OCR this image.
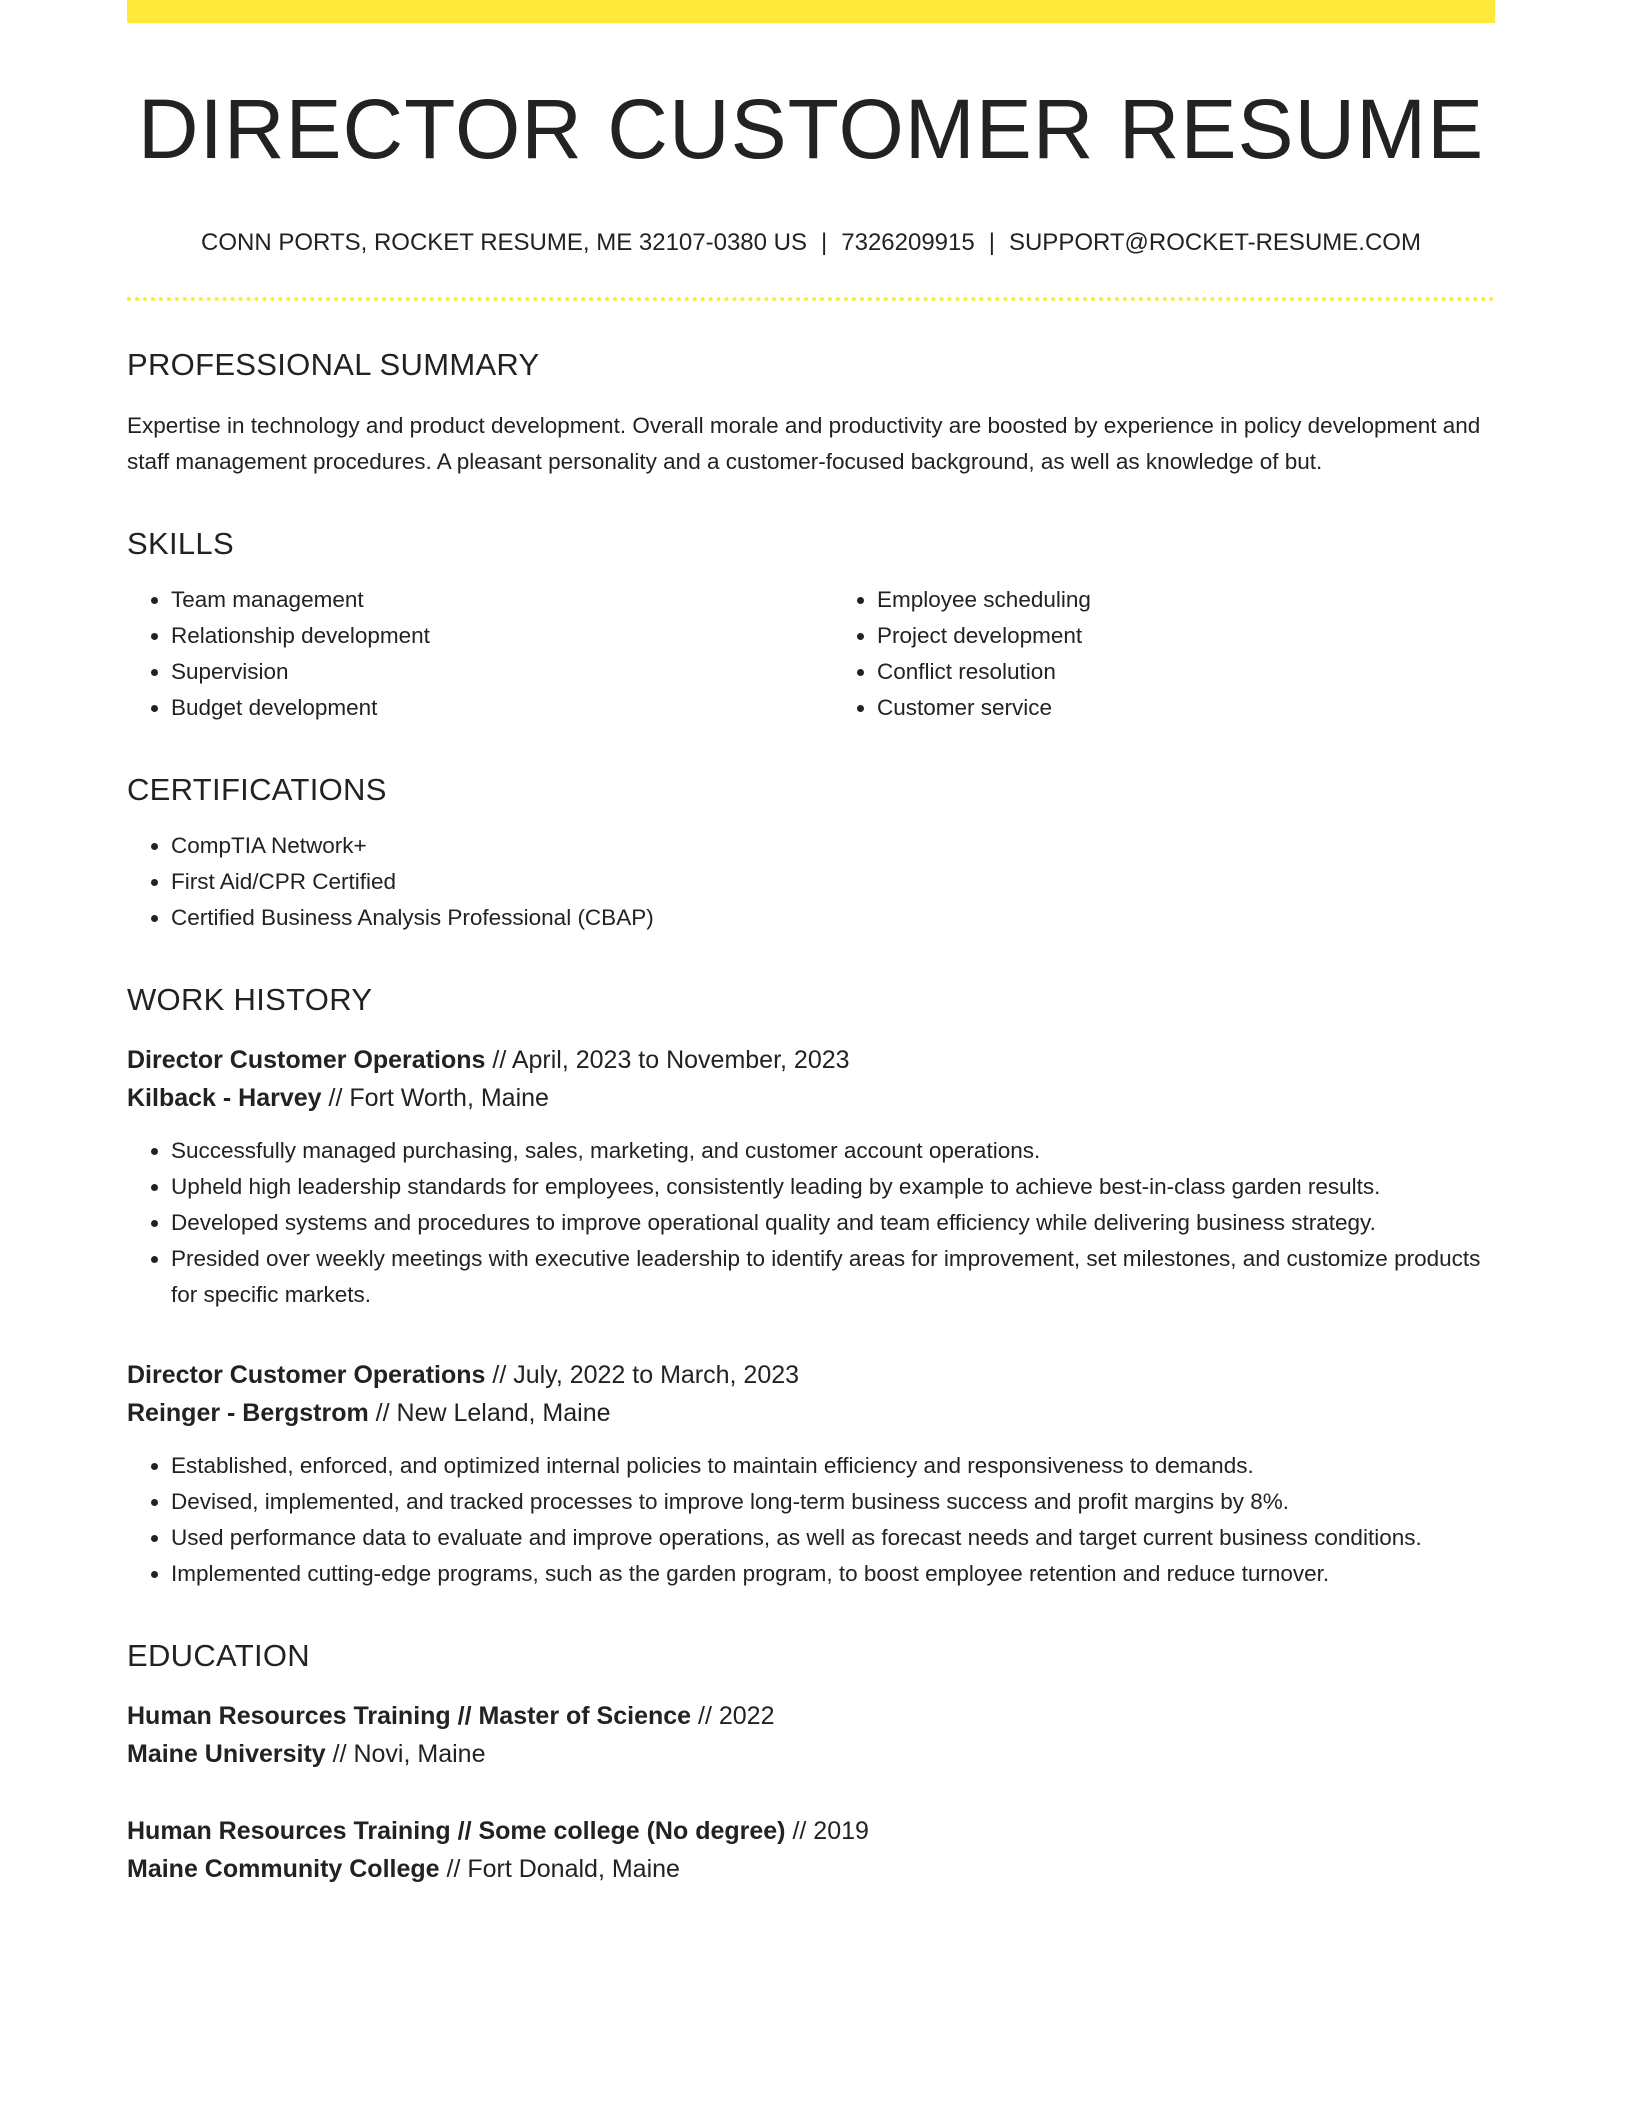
DIRECTOR CUSTOMER RESUME
CONN PORTS, ROCKET RESUME, ME 32107-0380 US | 7326209915 | SUPPORT@ROCKET-RESUME.COM
PROFESSIONAL SUMMARY

Expertise in technology and product development. Overall morale and productivity are boosted by experience in policy development and staff management procedures. A pleasant personality and a customer-focused background, as well as knowledge of but.

SKILLS
• Team management
• Relationship development
• Supervision
• Budget development
• Employee scheduling
• Project development
• Conflict resolution
• Customer service
CERTIFICATIONS
• CompTIA Network+
• First Aid/CPR Certified
• Certified Business Analysis Professional (CBAP)
WORK HISTORY
Director Customer Operations // April, 2023 to November, 2023
Kilback - Harvey // Fort Worth, Maine
• Successfully managed purchasing, sales, marketing, and customer account operations.
• Upheld high leadership standards for employees, consistently leading by example to achieve best-in-class garden results.
• Developed systems and procedures to improve operational quality and team efficiency while delivering business strategy.
• Presided over weekly meetings with executive leadership to identify areas for improvement, set milestones, and customize products for specific markets.
Director Customer Operations // July, 2022 to March, 2023
Reinger - Bergstrom // New Leland, Maine
• Established, enforced, and optimized internal policies to maintain efficiency and responsiveness to demands.
• Devised, implemented, and tracked processes to improve long-term business success and profit margins by 8%.
• Used performance data to evaluate and improve operations, as well as forecast needs and target current business conditions.
• Implemented cutting-edge programs, such as the garden program, to boost employee retention and reduce turnover.
EDUCATION
Human Resources Training // Master of Science // 2022
Maine University // Novi, Maine
Human Resources Training // Some college (No degree) // 2019
Maine Community College // Fort Donald, Maine
